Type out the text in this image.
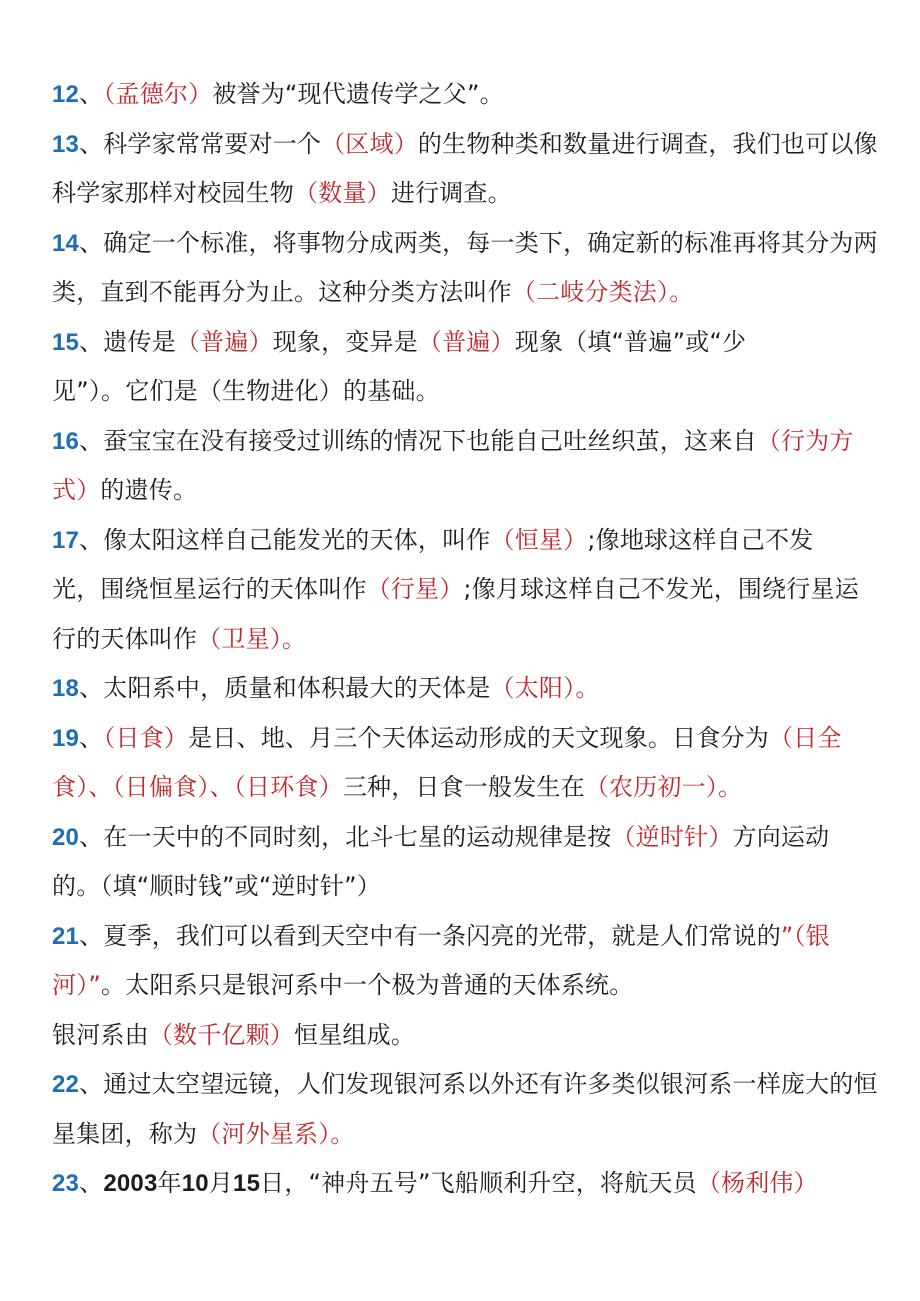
12、（孟德尔）被誉为“现代遗传学之父”。
13、科学家常常要对一个（区域）的生物种类和数量进行调查，我们也可以像科学家那样对校园生物（数量）进行调查。
14、确定一个标准，将事物分成两类，每一类下，确定新的标准再将其分为两类，直到不能再分为止。这种分类方法叫作（二岐分类法）。
15、遗传是（普遍）现象，变异是（普遍）现象（填“普遍”或“少
见”）。它们是（生物进化）的基础。
16、蚕宝宝在没有接受过训练的情况下也能自己吐丝织茧，这来自（行为方式）的遗传。
17、像太阳这样自己能发光的天体，叫作（恒星）;像地球这样自己不发
光，围绕恒星运行的天体叫作（行星）;像月球这样自己不发光，围绕行星运行的天体叫作（卫星）。
18、太阳系中，质量和体积最大的天体是（太阳）。
19、（日食）是日、地、月三个天体运动形成的天文现象。日食分为（日全食）、（日偏食）、（日环食）三种，日食一般发生在（农历初一）。
20、在一天中的不同时刻，北斗七星的运动规律是按（逆时针）方向运动
的。（填“顺时钱”或“逆时针”）
21、夏季，我们可以看到天空中有一条闪亮的光带，就是人们常说的”（银河）”。太阳系只是银河系中一个极为普通的天体系统。
银河系由（数千亿颗）恒星组成。
22、通过太空望远镜，人们发现银河系以外还有许多类似银河系一样庞大的恒星集团，称为（河外星系）。
23、2003年10月15日，“神舟五号”飞船顺利升空，将航天员（杨利伟）
